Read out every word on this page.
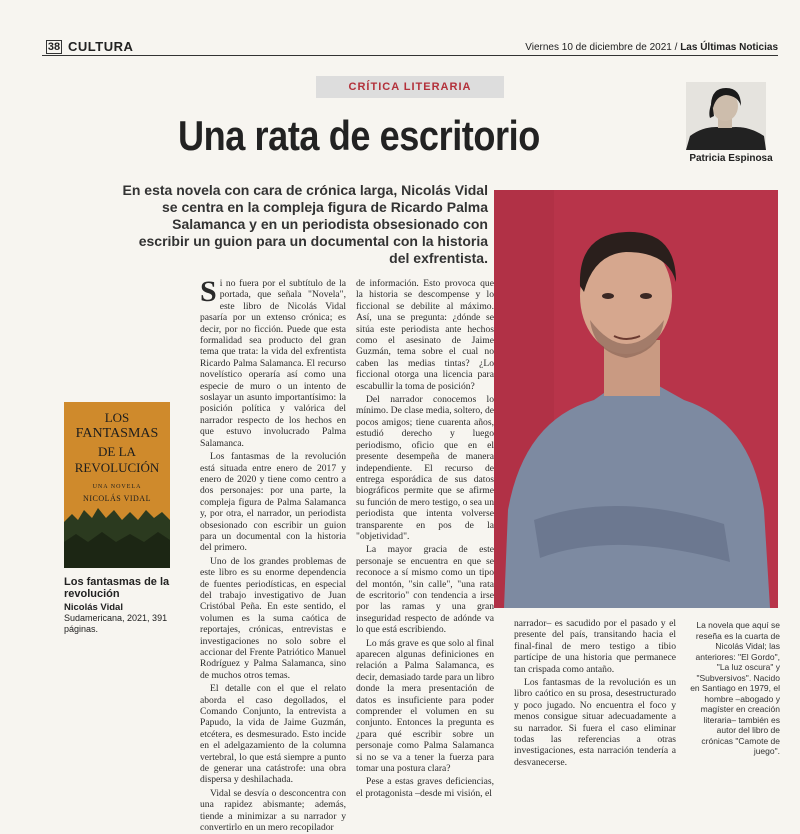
38 CULTURA	Viernes 10 de diciembre de 2021 / Las Últimas Noticias
CRÍTICA LITERARIA
Una rata de escritorio	Patricia Espinosa
En esta novela con cara de crónica larga, Nicolás Vidal se centra en la compleja figura de Ricardo Palma Salamanca y en un periodista obsesionado con escribir un guion para un documental con la historia del exfrentista.
LOS
FANTASMAS
DE LA
REVOLUCIÓN
UNA NOVELA
NICOLÁS VIDAL
Los fantasmas de la revolución
Nicolás Vidal
Sudamericana, 2021, 391 páginas.

Si no fuera por el subtítulo de la portada, que señala "Novela", este libro de Nicolás Vidal pasaría por un extenso crónica; es decir, por no ficción. Puede que esta formalidad sea producto del gran tema que trata: la vida del exfrentista Ricardo Palma Salamanca. El recurso novelístico operaría así como una especie de muro o un intento de soslayar un asunto importantísimo: la posición política y valórica del narrador respecto de los hechos en que estuvo involucrado Palma Salamanca.

Los fantasmas de la revolución está situada entre enero de 2017 y enero de 2020 y tiene como centro a dos personajes: por una parte, la compleja figura de Palma Salamanca y, por otra, el narrador, un periodista obsesionado con escribir un guion para un documental con la historia del primero.

Uno de los grandes problemas de este libro es su enorme dependencia de fuentes periodísticas, en especial del trabajo investigativo de Juan Cristóbal Peña. En este sentido, el volumen es la suma caótica de reportajes, crónicas, entrevistas e investigaciones no solo sobre el accionar del Frente Patriótico Manuel Rodríguez y Palma Salamanca, sino de muchos otros temas.

El detalle con el que el relato aborda el caso degollados, el Comando Conjunto, la entrevista a Papudo, la vida de Jaime Guzmán, etcétera, es desmesurado. Esto incide en el adelgazamiento de la columna vertebral, lo que está siempre a punto de generar una catástrofe: una obra dispersa y deshilachada.

Vidal se desvía o desconcentra con una rapidez abismante; además, tiende a minimizar a su narrador y convertirlo en un mero recopilador

de información. Esto provoca que la historia se descompense y lo ficcional se debilite al máximo. Así, una se pregunta: ¿dónde se sitúa este periodista ante hechos como el asesinato de Jaime Guzmán, tema sobre el cual no caben las medias tintas? ¿Lo ficcional otorga una licencia para escabullir la toma de posición?

Del narrador conocemos lo mínimo. De clase media, soltero, de pocos amigos; tiene cuarenta años, estudió derecho y luego periodismo, oficio que en el presente desempeña de manera independiente. El recurso de entrega esporádica de sus datos biográficos permite que se afirme su función de mero testigo, o sea un periodista que intenta volverse transparente en pos de la "objetividad".

La mayor gracia de este personaje se encuentra en que se reconoce a sí mismo como un tipo del montón, "sin calle", "una rata de escritorio" con tendencia a irse por las ramas y una gran inseguridad respecto de adónde va lo que está escribiendo.

Lo más grave es que solo al final aparecen algunas definiciones en relación a Palma Salamanca, es decir, demasiado tarde para un libro donde la mera presentación de datos es insuficiente para poder comprender el volumen en su conjunto. Entonces la pregunta es ¿para qué escribir sobre un personaje como Palma Salamanca si no se va a tener la fuerza para tomar una postura clara?

Pese a estas graves deficiencias, el protagonista –desde mi visión, el

narrador– es sacudido por el pasado y el presente del país, transitando hacia el final-final de mero testigo a tibio partícipe de una historia que permanece tan crispada como antaño.

Los fantasmas de la revolución es un libro caótico en su prosa, desestructurado y poco jugado. No encuentra el foco y menos consigue situar adecuadamente a su narrador. Si fuera el caso eliminar todas las referencias a otras investigaciones, esta narración tendería a desvanecerse.

La novela que aquí se reseña es la cuarta de Nicolás Vidal; las anteriores: "El Gordo", "La luz oscura" y "Subversivos". Nacido en Santiago en 1979, el hombre –abogado y magíster en creación literaria– también es autor del libro de crónicas "Camote de juego".
